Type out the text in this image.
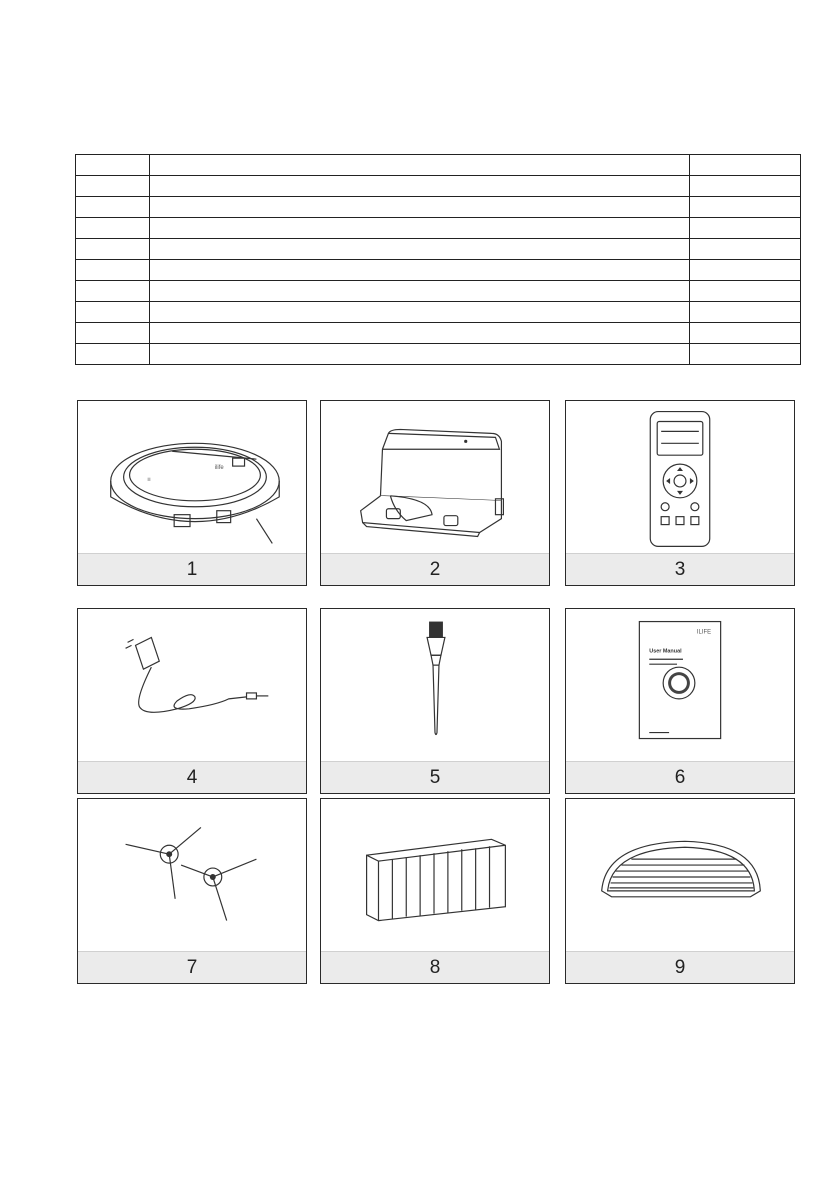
≡
ilife
1	2	3
4	5
ILIFE
User Manual
6
7	8	9
